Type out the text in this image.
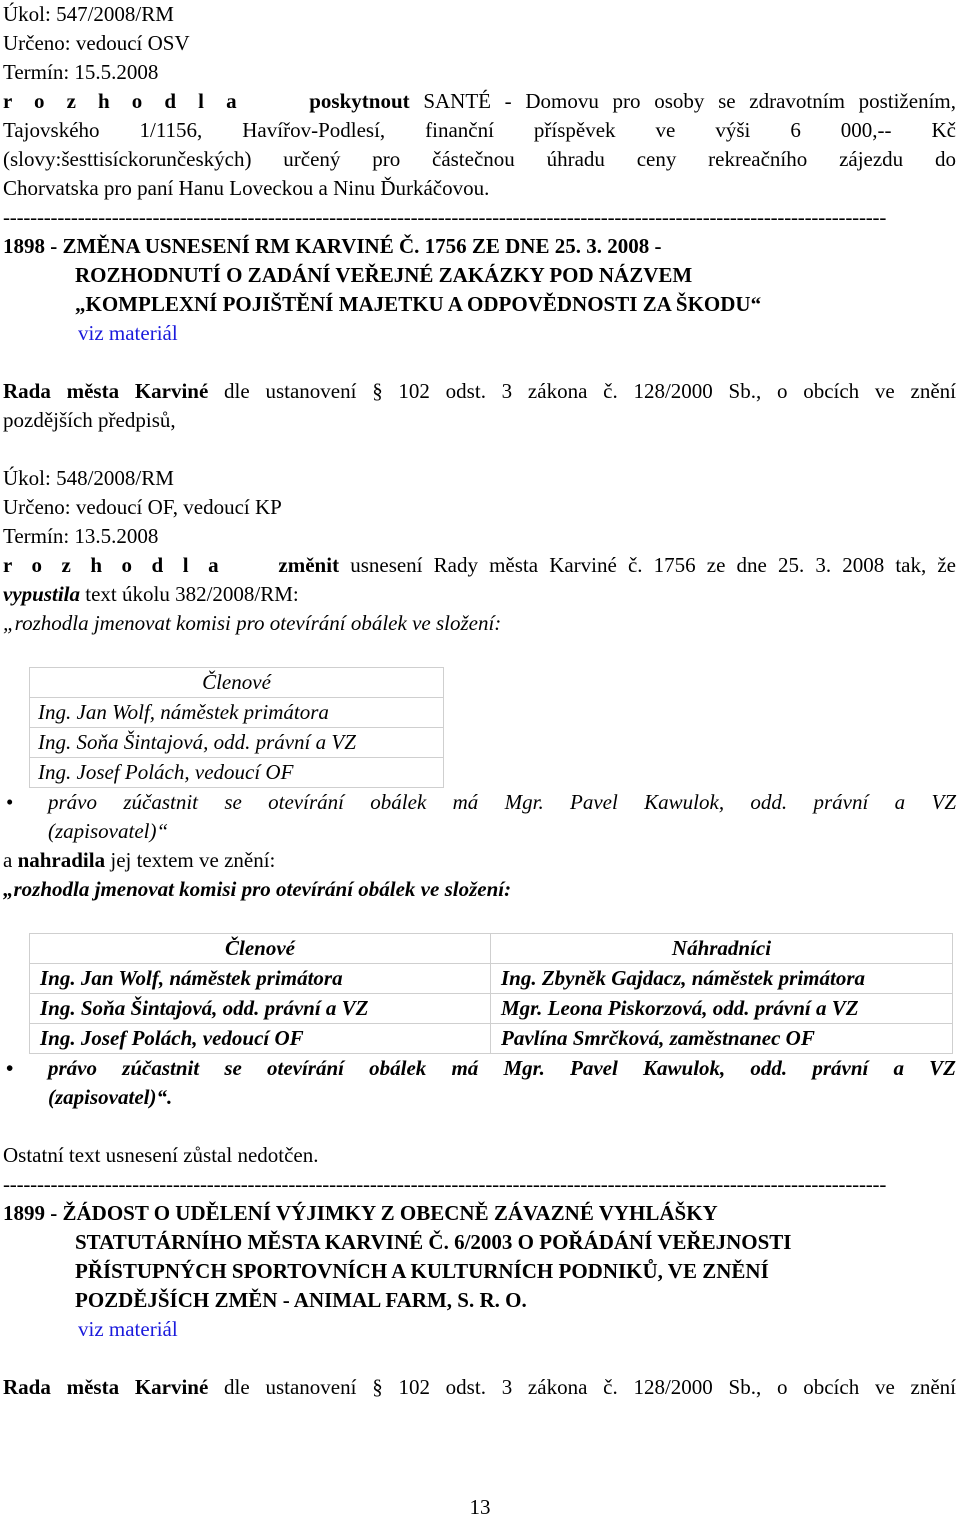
Úkol: 547/2008/RM

Určeno: vedoucí OSV

Termín: 15.5.2008

r o z h o d l a	poskytnout SANTÉ - Domovu pro osoby se zdravotním postižením,

Tajovského 1/1156, Havířov-Podlesí, finanční příspěvek ve výši 6 000,-- Kč

(slovy:šesttisíckorunčeských) určený pro částečnou úhradu ceny rekreačního zájezdu do

Chorvatska pro paní Hanu Loveckou a Ninu Ďurkáčovou.

----------------------------------------------------------------------------------------------------------------------------------

1898 - ZMĚNA USNESENÍ RM KARVINÉ Č. 1756 ZE DNE 25. 3. 2008 -
ROZHODNUTÍ O ZADÁNÍ VEŘEJNÉ ZAKÁZKY POD NÁZVEM
„KOMPLEXNÍ POJIŠTĚNÍ MAJETKU A ODPOVĚDNOSTI ZA ŠKODU“

viz materiál

Rada města Karviné dle ustanovení § 102 odst. 3 zákona č. 128/2000 Sb., o obcích ve znění

pozdějších předpisů,

Úkol: 548/2008/RM

Určeno: vedoucí OF, vedoucí KP

Termín: 13.5.2008

r o z h o d l a	změnit usnesení Rady města Karviné č. 1756 ze dne 25. 3. 2008 tak, že

vypustila text úkolu 382/2008/RM:

„rozhodla jmenovat komisi pro otevírání obálek ve složení:

Členové
Ing. Jan Wolf, náměstek primátora
Ing. Soňa Šintajová, odd. právní a VZ
Ing. Josef Polách, vedoucí OF
• právo zúčastnit se otevírání obálek má Mgr. Pavel Kawulok, odd. právní a VZ

(zapisovatel)“

a nahradila jej textem ve znění:

„rozhodla jmenovat komisi pro otevírání obálek ve složení:

Členové	Náhradníci
Ing. Jan Wolf, náměstek primátora	Ing. Zbyněk Gajdacz, náměstek primátora
Ing. Soňa Šintajová, odd. právní a VZ	Mgr. Leona Piskorzová, odd. právní a VZ
Ing. Josef Polách, vedoucí OF	Pavlína Smrčková, zaměstnanec OF
• právo zúčastnit se otevírání obálek má Mgr. Pavel Kawulok, odd. právní a VZ

(zapisovatel)“.

Ostatní text usnesení zůstal nedotčen.

----------------------------------------------------------------------------------------------------------------------------------

1899 - ŽÁDOST O UDĚLENÍ VÝJIMKY Z OBECNĚ ZÁVAZNÉ VYHLÁŠKY
STATUTÁRNÍHO MĚSTA KARVINÉ Č. 6/2003 O POŘÁDÁNÍ VEŘEJNOSTI
PŘÍSTUPNÝCH SPORTOVNÍCH A KULTURNÍCH PODNIKŮ, VE ZNĚNÍ
POZDĚJŠÍCH ZMĚN - ANIMAL FARM, S. R. O.

viz materiál

Rada města Karviné dle ustanovení § 102 odst. 3 zákona č. 128/2000 Sb., o obcích ve znění

13
